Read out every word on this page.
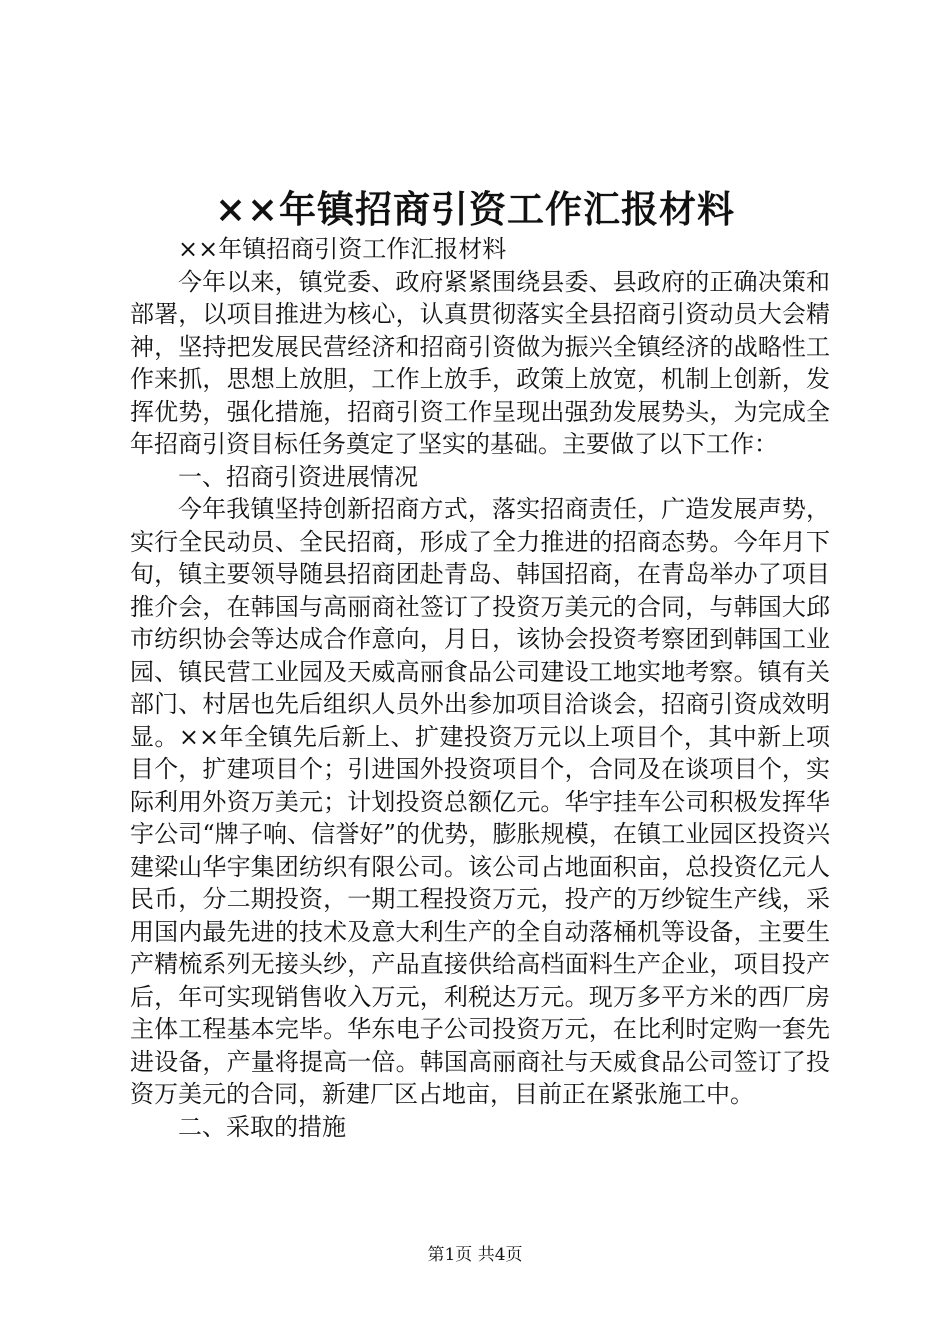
××年镇招商引资工作汇报材料

××年镇招商引资工作汇报材料

今年以来，镇党委、政府紧紧围绕县委、县政府的正确决策和部署，以项目推进为核心，认真贯彻落实全县招商引资动员大会精神，坚持把发展民营经济和招商引资做为振兴全镇经济的战略性工作来抓，思想上放胆，工作上放手，政策上放宽，机制上创新，发挥优势，强化措施，招商引资工作呈现出强劲发展势头，为完成全年招商引资目标任务奠定了坚实的基础。主要做了以下工作：

一、招商引资进展情况

今年我镇坚持创新招商方式，落实招商责任，广造发展声势，实行全民动员、全民招商，形成了全力推进的招商态势。今年月下旬，镇主要领导随县招商团赴青岛、韩国招商，在青岛举办了项目推介会，在韩国与高丽商社签订了投资万美元的合同，与韩国大邱市纺织协会等达成合作意向，月日，该协会投资考察团到韩国工业园、镇民营工业园及天威高丽食品公司建设工地实地考察。镇有关部门、村居也先后组织人员外出参加项目洽谈会，招商引资成效明显。××年全镇先后新上、扩建投资万元以上项目个，其中新上项目个，扩建项目个；引进国外投资项目个，合同及在谈项目个，实际利用外资万美元；计划投资总额亿元。华宇挂车公司积极发挥华宇公司“牌子响、信誉好”的优势，膨胀规模，在镇工业园区投资兴建梁山华宇集团纺织有限公司。该公司占地面积亩，总投资亿元人民币，分二期投资，一期工程投资万元，投产的万纱锭生产线，采用国内最先进的技术及意大利生产的全自动落桶机等设备，主要生产精梳系列无接头纱，产品直接供给高档面料生产企业，项目投产后，年可实现销售收入万元，利税达万元。现万多平方米的西厂房主体工程基本完毕。华东电子公司投资万元，在比利时定购一套先进设备，产量将提高一倍。韩国高丽商社与天威食品公司签订了投资万美元的合同，新建厂区占地亩，目前正在紧张施工中。

二、采取的措施

第1页 共4页
